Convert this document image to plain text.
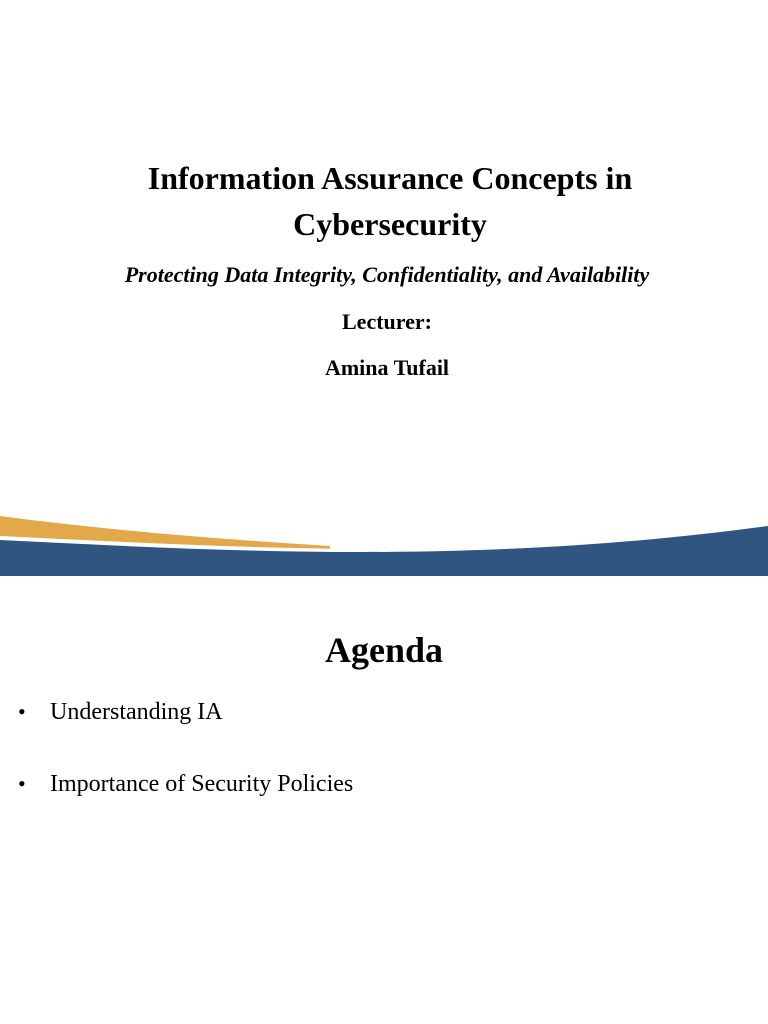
Information Assurance Concepts in Cybersecurity
Protecting Data Integrity, Confidentiality, and Availability
Lecturer:
Amina Tufail
Agenda
• Understanding IA
• Importance of Security Policies
